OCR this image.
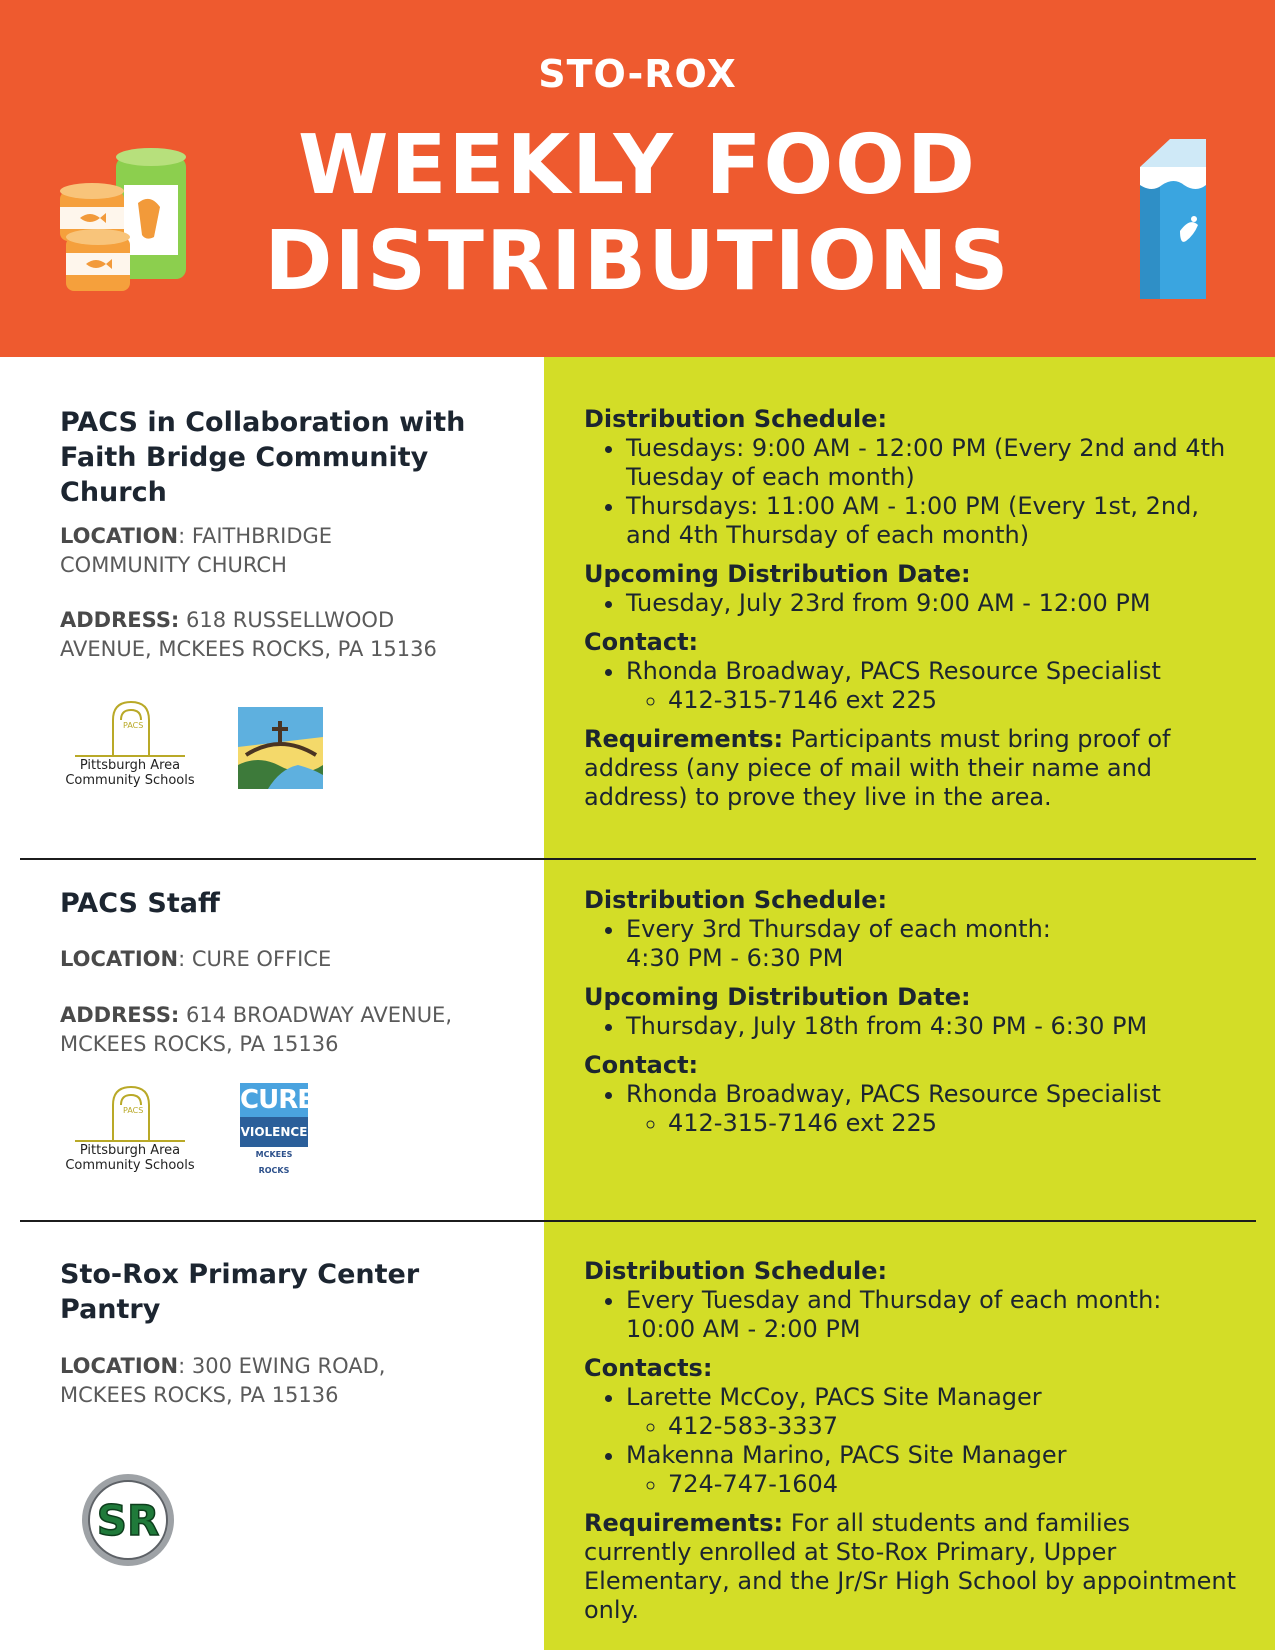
STO-ROX
WEEKLY FOOD
DISTRIBUTIONS
PACS in Collaboration with Faith Bridge Community Church
LOCATION: FAITHBRIDGE COMMUNITY CHURCH
ADDRESS: 618 RUSSELLWOOD AVENUE, MCKEES ROCKS, PA 15136
PACS
Pittsburgh Area
Community Schools
Distribution Schedule:
• Tuesdays: 9:00 AM - 12:00 PM (Every 2nd and 4th Tuesday of each month)
• Thursdays: 11:00 AM - 1:00 PM (Every 1st, 2nd, and 4th Thursday of each month)
Upcoming Distribution Date:
• Tuesday, July 23rd from 9:00 AM - 12:00 PM
Contact:
• Rhonda Broadway, PACS Resource Specialist
◦ 412-315-7146 ext 225
Requirements: Participants must bring proof of address (any piece of mail with their name and address) to prove they live in the area.
PACS Staff
LOCATION: CURE OFFICE
ADDRESS: 614 BROADWAY AVENUE, MCKEES ROCKS, PA 15136
PACS
Pittsburgh Area
Community Schools
CURE
VIOLENCE
MCKEES ROCKS
Distribution Schedule:
• Every 3rd Thursday of each month: 4:30 PM - 6:30 PM
Upcoming Distribution Date:
• Thursday, July 18th from 4:30 PM - 6:30 PM
Contact:
• Rhonda Broadway, PACS Resource Specialist
◦ 412-315-7146 ext 225
Sto-Rox Primary Center Pantry
LOCATION: 300 EWING ROAD, MCKEES ROCKS, PA 15136
SR
Distribution Schedule:
• Every Tuesday and Thursday of each month: 10:00 AM - 2:00 PM
Contacts:
• Larette McCoy, PACS Site Manager
◦ 412-583-3337
• Makenna Marino, PACS Site Manager
◦ 724-747-1604
Requirements: For all students and families currently enrolled at Sto-Rox Primary, Upper Elementary, and the Jr/Sr High School by appointment only.
